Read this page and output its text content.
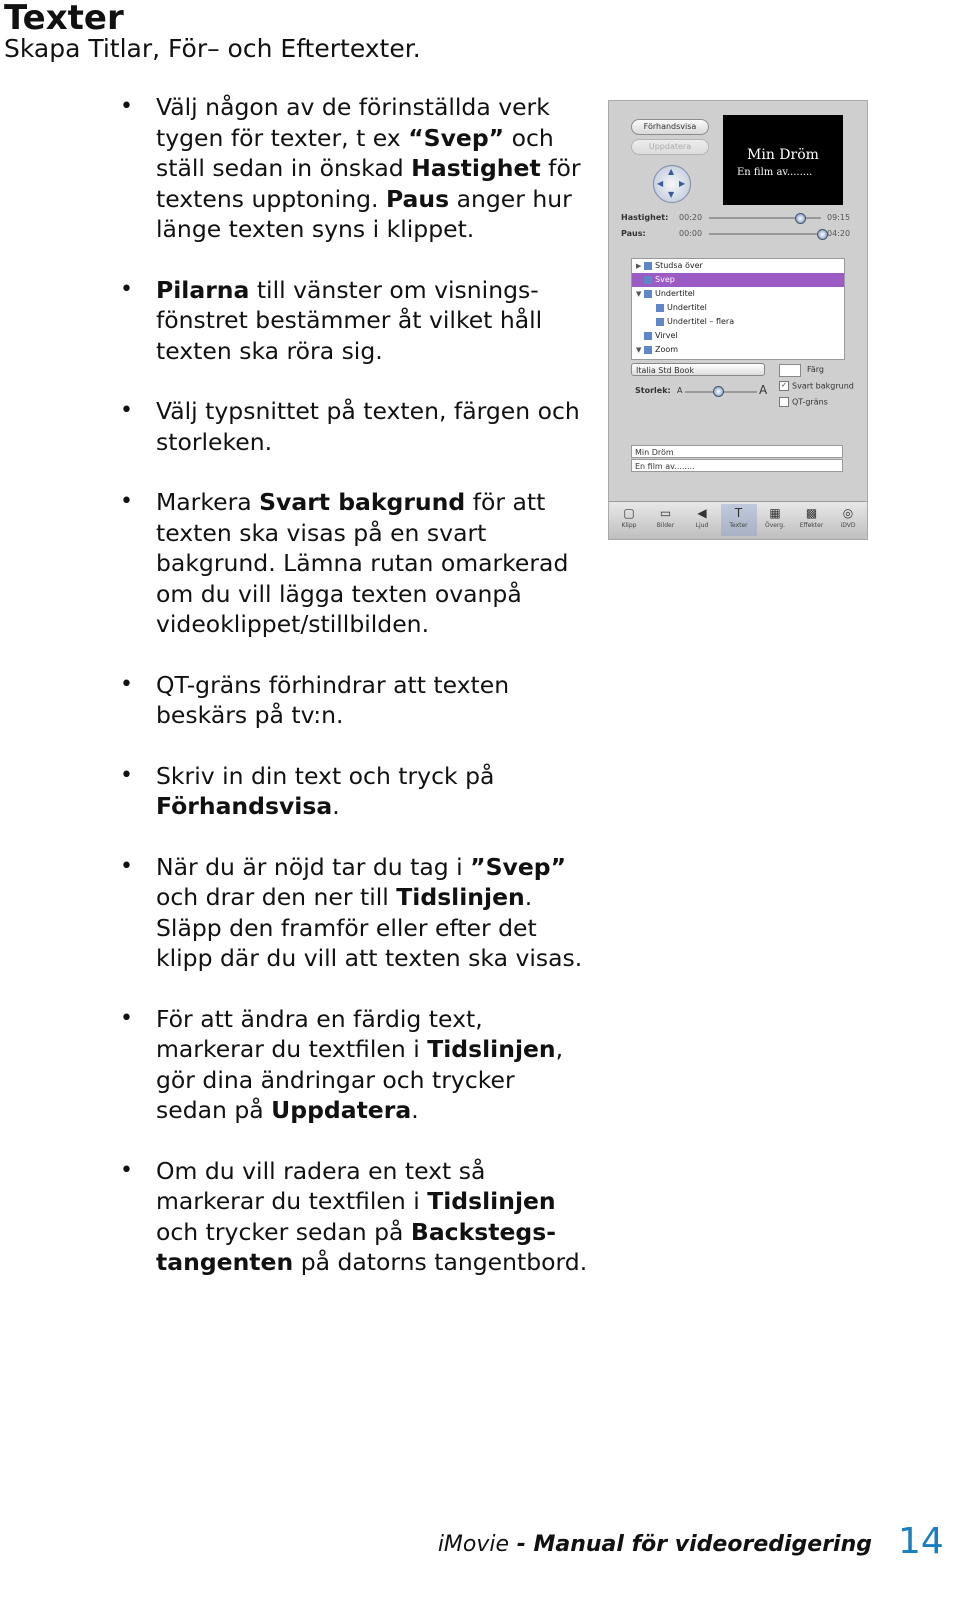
Texter
Skapa Titlar, För– och Eftertexter.
• Välj någon av de förinställda verk tygen för texter, t ex “Svep” och ställ sedan in önskad Hastighet för textens upptoning. Paus anger hur länge texten syns i klippet.
• Pilarna till vänster om visningsfönstret bestämmer åt vilket håll texten ska röra sig.
• Välj typsnittet på texten, färgen och storleken.
• Markera Svart bakgrund för att texten ska visas på en svart bakgrund. Lämna rutan omarkerad om du vill lägga texten ovanpå videoklippet/stillbilden.
• QT-gräns förhindrar att texten beskärs på tv:n.
• Skriv in din text och tryck på Förhandsvisa.
• När du är nöjd tar du tag i ”Svep” och drar den ner till Tidslinjen. Släpp den framför eller efter det klipp där du vill att texten ska visas.
• För att ändra en färdig text, markerar du textfilen i Tidslinjen, gör dina ändringar och trycker sedan på Uppdatera.
• Om du vill radera en text så markerar du textfilen i Tidslinjen och trycker sedan på Backstegstangenten på datorns tangentbord.
Förhandsvisa
Uppdatera
▲
◀ ▶
▼
Min Dröm
En film av........
Hastighet: 00:20	09:15
Paus:	00:00	04:20
▶ Studsa över
Svep
▼ Undertitel
Undertitel
Undertitel – flera
Virvel
▼ Zoom
Italia Std Book	Färg
Storlek: A	A ✓ Svart bakgrund
QT-gräns
Min Dröm
En film av........
▢
Klipp
▭
Bilder
◀
Ljud
T
Texter
▦
Överg.
▩
Effekter
◎
iDVD
iMovie - Manual för videoredigering 14
